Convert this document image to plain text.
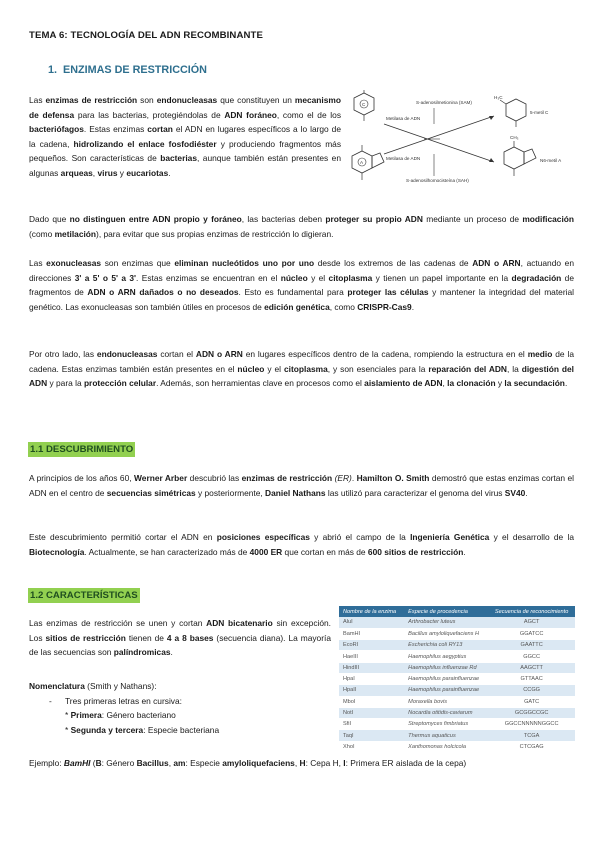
TEMA 6: TECNOLOGÍA DEL ADN RECOMBINANTE
1. ENZIMAS DE RESTRICCIÓN

Las enzimas de restricción son endonucleasas que constituyen un mecanismo de defensa para las bacterias, protegiéndolas de ADN foráneo, como el de los bacteriófagos. Estas enzimas cortan el ADN en lugares específicos a lo largo de la cadena, hidrolizando el enlace fosfodiéster y produciendo fragmentos más pequeños. Son características de bacterias, aunque también están presentes en algunas arqueas, virus y eucariotas.

C
A
Metilasa de ADN
Metilasa de ADN
S-adenosilmetionina (SAM)
S-adenosilhomocisteína (SAH)
H₃C
5-metil C
CH₃
N6-metil A

Dado que no distinguen entre ADN propio y foráneo, las bacterias deben proteger su propio ADN mediante un proceso de modificación (como metilación), para evitar que sus propias enzimas de restricción lo digieran.

Las exonucleasas son enzimas que eliminan nucleótidos uno por uno desde los extremos de las cadenas de ADN o ARN, actuando en direcciones 3' a 5' o 5' a 3'. Estas enzimas se encuentran en el núcleo y el citoplasma y tienen un papel importante en la degradación de fragmentos de ADN o ARN dañados o no deseados. Esto es fundamental para proteger las células y mantener la integridad del material genético. Las exonucleasas son también útiles en procesos de edición genética, como CRISPR-Cas9.

Por otro lado, las endonucleasas cortan el ADN o ARN en lugares específicos dentro de la cadena, rompiendo la estructura en el medio de la cadena. Estas enzimas también están presentes en el núcleo y el citoplasma, y son esenciales para la reparación del ADN, la digestión del ADN y para la protección celular. Además, son herramientas clave en procesos como el aislamiento de ADN, la clonación y la secundación.

1.1 DESCUBRIMIENTO

A principios de los años 60, Werner Arber descubrió las enzimas de restricción (ER). Hamilton O. Smith demostró que estas enzimas cortan el ADN en el centro de secuencias simétricas y posteriormente, Daniel Nathans las utilizó para caracterizar el genoma del virus SV40.

Este descubrimiento permitió cortar el ADN en posiciones específicas y abrió el campo de la Ingeniería Genética y el desarrollo de la Biotecnología. Actualmente, se han caracterizado más de 4000 ER que cortan en más de 600 sitios de restricción.

1.2 CARACTERÍSTICAS

Las enzimas de restricción se unen y cortan ADN bicatenario sin excepción. Los sitios de restricción tienen de 4 a 8 bases (secuencia diana). La mayoría de las secuencias son palíndromicas.

Nomenclatura (Smith y Nathans):
- Tres primeras letras en cursiva:
* Primera: Género bacteriano
* Segunda y tercera: Especie bacteriana
Nombre de la enzima	Especie de procedencia	Secuencia de reconocimiento
AluI	Arthrobacter luteus	AGCT
BamHI	Bacillus amyloliquefaciens H	GGATCC
EcoRI	Escherichia coli RY13	GAATTC
HaeIII	Haemophilus aegyptius	GGCC
HindIII	Haemophilus influenzae Rd	AAGCTT
HpaI	Haemophilus parainfluenzae	GTTAAC
HpaII	Haemophilus parainfluenzae	CCGG
MboI	Moraxella bovis	GATC
NotI	Nocardia otitidis-caviarum	GCGGCCGC
SfiI	Streptomyces fimbriatus	GGCCNNNNNGGCC
TaqI	Thermus aquaticus	TCGA
XhoI	Xanthomonas holcicola	CTCGAG

Ejemplo: BamHI (B: Género Bacillus, am: Especie amyloliquefaciens, H: Cepa H, I: Primera ER aislada de la cepa)
